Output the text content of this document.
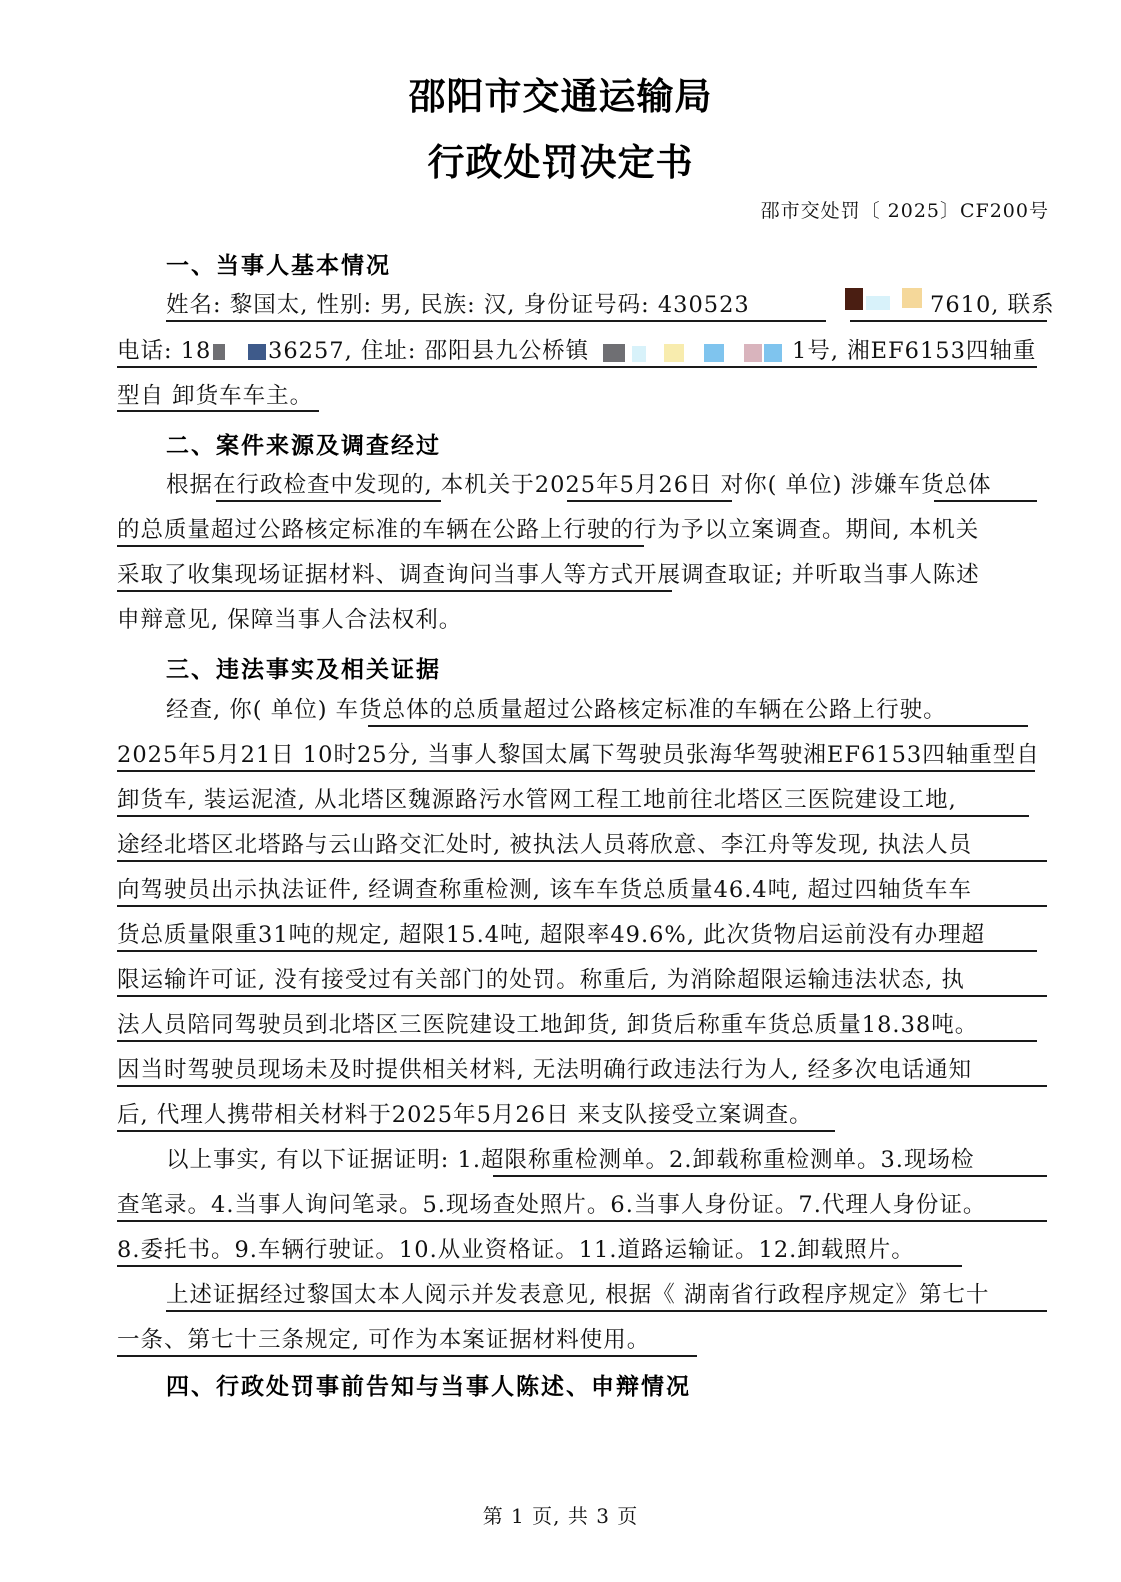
邵阳市交通运输局
行政处罚决定书
邵市交处罚〔 2025〕CF200号
一、当事人基本情况
姓名: 黎国太, 性别: 男, 民族: 汉, 身份证号码: 430523	7610, 联系
电话: 18	36257, 住址: 邵阳县九公桥镇	1号, 湘EF6153四轴重
型自 卸货车车主。
二、案件来源及调查经过
根据在行政检查中发现的, 本机关于2025年5月26日 对你( 单位) 涉嫌车货总体
的总质量超过公路核定标准的车辆在公路上行驶的行为予以立案调查。期间, 本机关
采取了收集现场证据材料、调查询问当事人等方式开展调查取证; 并听取当事人陈述
申辩意见, 保障当事人合法权利。
三、违法事实及相关证据
经查, 你( 单位) 车货总体的总质量超过公路核定标准的车辆在公路上行驶。
2025年5月21日 10时25分, 当事人黎国太属下驾驶员张海华驾驶湘EF6153四轴重型自
卸货车, 装运泥渣, 从北塔区魏源路污水管网工程工地前往北塔区三医院建设工地,
途经北塔区北塔路与云山路交汇处时, 被执法人员蒋欣意、李江舟等发现, 执法人员
向驾驶员出示执法证件, 经调查称重检测, 该车车货总质量46.4吨, 超过四轴货车车
货总质量限重31吨的规定, 超限15.4吨, 超限率49.6%, 此次货物启运前没有办理超
限运输许可证, 没有接受过有关部门的处罚。称重后, 为消除超限运输违法状态, 执
法人员陪同驾驶员到北塔区三医院建设工地卸货, 卸货后称重车货总质量18.38吨。
因当时驾驶员现场未及时提供相关材料, 无法明确行政违法行为人, 经多次电话通知
后, 代理人携带相关材料于2025年5月26日 来支队接受立案调查。
以上事实, 有以下证据证明: 1.超限称重检测单。2.卸载称重检测单。3.现场检
查笔录。4.当事人询问笔录。5.现场查处照片。6.当事人身份证。7.代理人身份证。
8.委托书。9.车辆行驶证。10.从业资格证。11.道路运输证。12.卸载照片。
上述证据经过黎国太本人阅示并发表意见, 根据《 湖南省行政程序规定》第七十
一条、第七十三条规定, 可作为本案证据材料使用。
四、行政处罚事前告知与当事人陈述、申辩情况
第 1 页, 共 3 页
